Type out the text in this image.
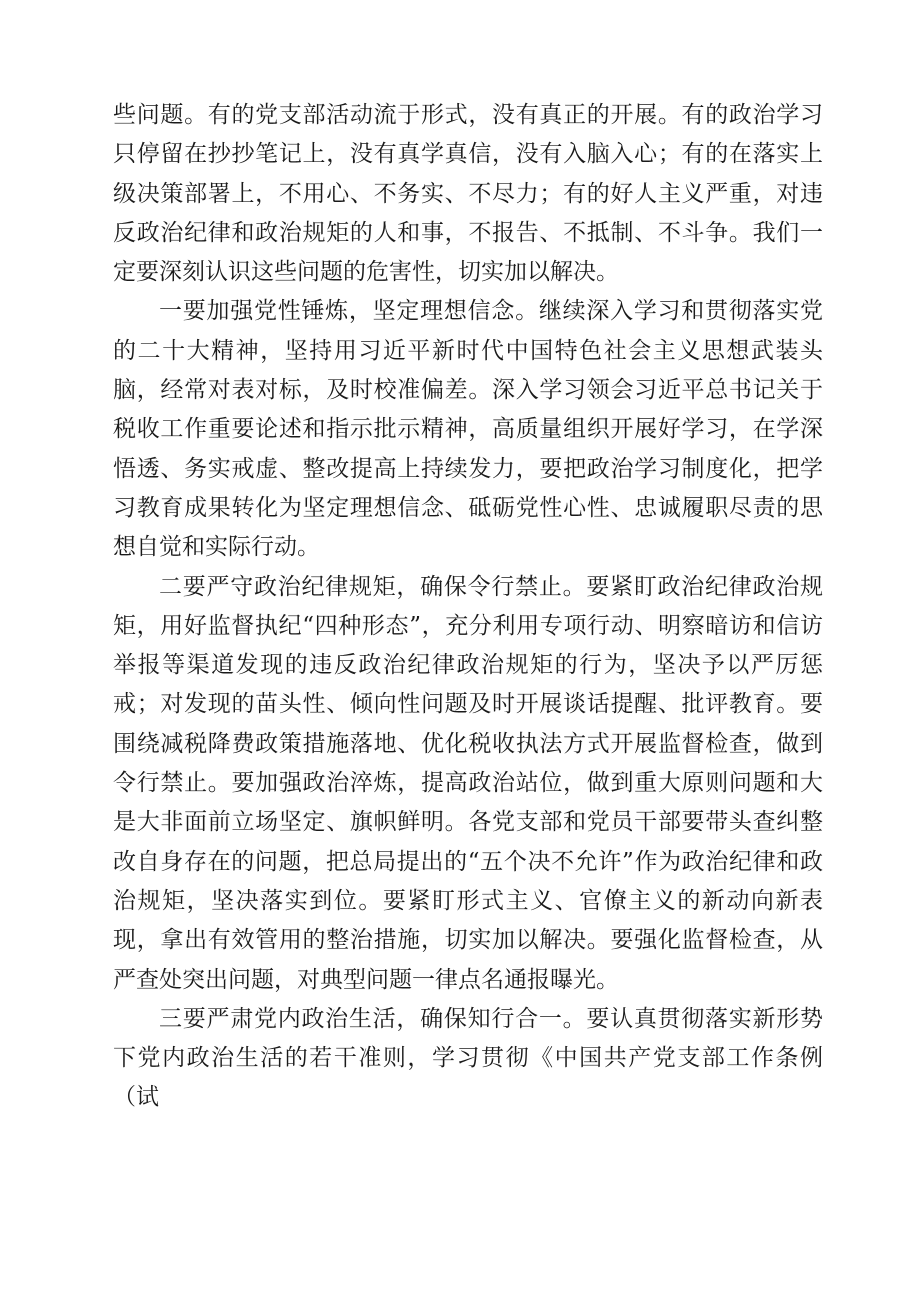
些问题。有的党支部活动流于形式，没有真正的开展。有的政治学习只停留在抄抄笔记上，没有真学真信，没有入脑入心；有的在落实上级决策部署上，不用心、不务实、不尽力；有的好人主义严重，对违反政治纪律和政治规矩的人和事，不报告、不抵制、不斗争。我们一定要深刻认识这些问题的危害性，切实加以解决。

一要加强党性锤炼，坚定理想信念。继续深入学习和贯彻落实党的二十大精神，坚持用习近平新时代中国特色社会主义思想武装头脑，经常对表对标，及时校准偏差。深入学习领会习近平总书记关于税收工作重要论述和指示批示精神，高质量组织开展好学习，在学深悟透、务实戒虚、整改提高上持续发力，要把政治学习制度化，把学习教育成果转化为坚定理想信念、砥砺党性心性、忠诚履职尽责的思想自觉和实际行动。

二要严守政治纪律规矩，确保令行禁止。要紧盯政治纪律政治规矩，用好监督执纪“四种形态”，充分利用专项行动、明察暗访和信访举报等渠道发现的违反政治纪律政治规矩的行为，坚决予以严厉惩戒；对发现的苗头性、倾向性问题及时开展谈话提醒、批评教育。要围绕减税降费政策措施落地、优化税收执法方式开展监督检查，做到令行禁止。要加强政治淬炼，提高政治站位，做到重大原则问题和大是大非面前立场坚定、旗帜鲜明。各党支部和党员干部要带头查纠整改自身存在的问题，把总局提出的“五个决不允许”作为政治纪律和政治规矩，坚决落实到位。要紧盯形式主义、官僚主义的新动向新表现，拿出有效管用的整治措施，切实加以解决。要强化监督检查，从严查处突出问题，对典型问题一律点名通报曝光。

三要严肃党内政治生活，确保知行合一。要认真贯彻落实新形势下党内政治生活的若干准则，学习贯彻《中国共产党支部工作条例（试
